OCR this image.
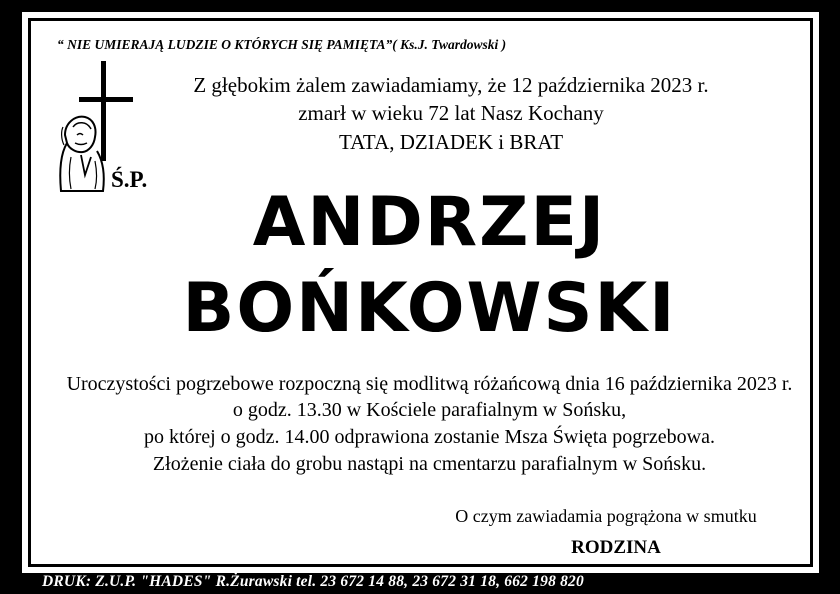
“ NIE UMIERAJĄ LUDZIE O KTÓRYCH SIĘ PAMIĘTA”( Ks.J. Twardowski )
Ś.P.
Z głębokim żalem zawiadamiamy, że 12 października 2023 r.
zmarł w wieku 72 lat Nasz Kochany
TATA, DZIADEK i BRAT
ANDRZEJ
BOŃKOWSKI
Uroczystości pogrzebowe rozpoczną się modlitwą różańcową dnia 16 października 2023 r.
o godz. 13.30 w Kościele parafialnym w Sońsku,
po której o godz. 14.00 odprawiona zostanie Msza Święta pogrzebowa.
Złożenie ciała do grobu nastąpi na cmentarzu parafialnym w Sońsku.
O czym zawiadamia pogrążona w smutku
RODZINA
DRUK: Z.U.P. "HADES" R.Żurawski tel. 23 672 14 88, 23 672 31 18, 662 198 820
